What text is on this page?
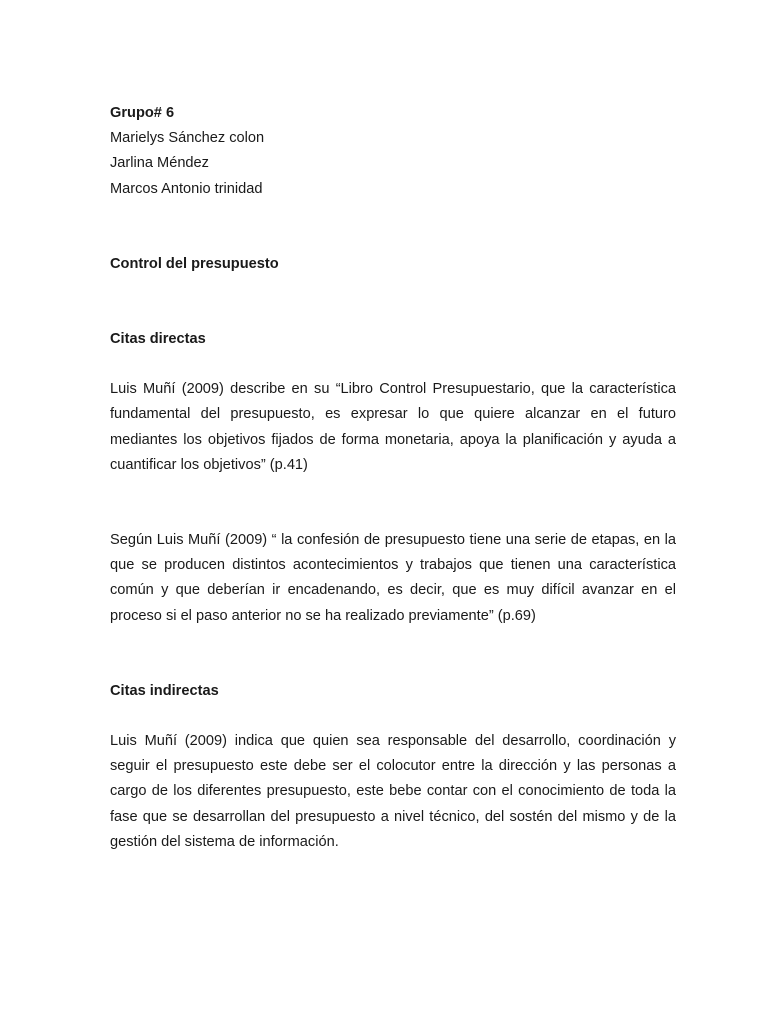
Grupo# 6
Marielys Sánchez colon
Jarlina Méndez
Marcos Antonio trinidad
Control del presupuesto
Citas directas

Luis Muñí (2009) describe en su “Libro Control Presupuestario, que la característica fundamental del presupuesto, es expresar lo que quiere alcanzar en el futuro mediantes los objetivos fijados de forma monetaria, apoya la planificación y ayuda a cuantificar los objetivos” (p.41)

Según Luis Muñí (2009) “ la confesión de presupuesto tiene una serie de etapas, en la que se producen distintos acontecimientos y trabajos que tienen una característica común y que deberían ir encadenando, es decir, que es muy difícil avanzar en el proceso si el paso anterior no se ha realizado previamente” (p.69)

Citas indirectas

Luis Muñí (2009) indica que quien sea responsable del desarrollo, coordinación y seguir el presupuesto este debe ser el colocutor entre la dirección y las personas a cargo de los diferentes presupuesto, este bebe contar con el conocimiento de toda la fase que se desarrollan del presupuesto a nivel técnico, del sostén del mismo y de la gestión del sistema de información.
